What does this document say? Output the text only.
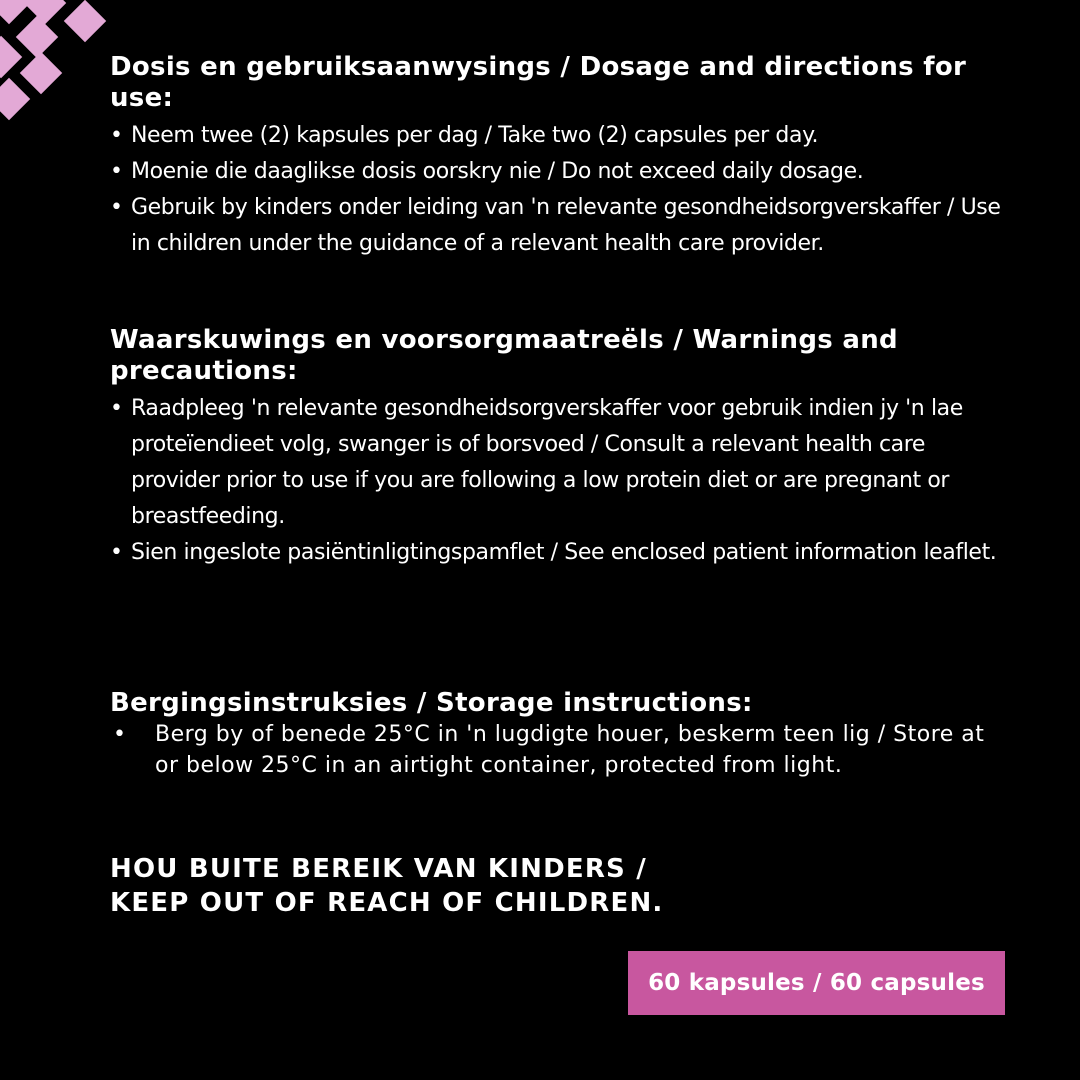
Dosis en gebruiksaanwysings / Dosage and directions for use:
• Neem twee (2) kapsules per dag / Take two (2) capsules per day.
• Moenie die daaglikse dosis oorskry nie / Do not exceed daily dosage.
• Gebruik by kinders onder leiding van 'n relevante gesondheidsorgverskaffer / Use in children under the guidance of a relevant health care provider.
Waarskuwings en voorsorgmaatreëls / Warnings and precautions:
• Raadpleeg 'n relevante gesondheidsorgverskaffer voor gebruik indien jy 'n lae proteïendieet volg, swanger is of borsvoed / Consult a relevant health care provider prior to use if you are following a low protein diet or are pregnant or breastfeeding.
• Sien ingeslote pasiëntinligtingspamflet / See enclosed patient information leaflet.
Bergingsinstruksies / Storage instructions:
• Berg by of benede 25°C in 'n lugdigte houer, beskerm teen lig / Store at or below 25°C in an airtight container, protected from light.
HOU BUITE BEREIK VAN KINDERS /
KEEP OUT OF REACH OF CHILDREN.
60 kapsules / 60 capsules
